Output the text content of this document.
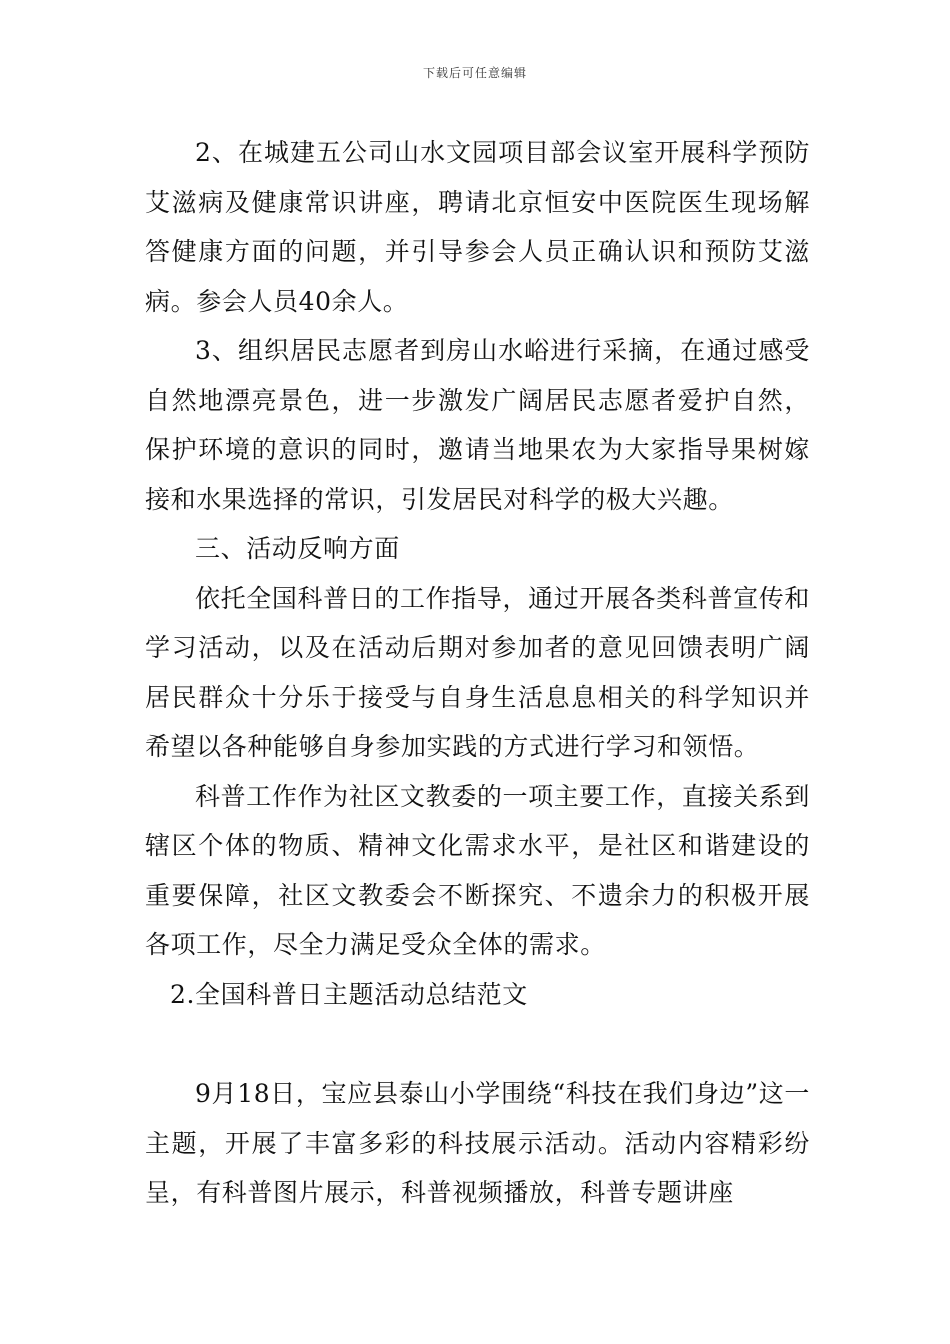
下载后可任意编辑

2、在城建五公司山水文园项目部会议室开展科学预防艾滋病及健康常识讲座，聘请北京恒安中医院医生现场解答健康方面的问题，并引导参会人员正确认识和预防艾滋病。参会人员40余人。

3、组织居民志愿者到房山水峪进行采摘，在通过感受自然地漂亮景色，进一步激发广阔居民志愿者爱护自然，保护环境的意识的同时，邀请当地果农为大家指导果树嫁接和水果选择的常识，引发居民对科学的极大兴趣。

三、活动反响方面

依托全国科普日的工作指导，通过开展各类科普宣传和学习活动，以及在活动后期对参加者的意见回馈表明广阔居民群众十分乐于接受与自身生活息息相关的科学知识并希望以各种能够自身参加实践的方式进行学习和领悟。

科普工作作为社区文教委的一项主要工作，直接关系到辖区个体的物质、精神文化需求水平，是社区和谐建设的重要保障，社区文教委会不断探究、不遗余力的积极开展各项工作，尽全力满足受众全体的需求。

2.全国科普日主题活动总结范文

9月18日，宝应县泰山小学围绕“科技在我们身边”这一主题，开展了丰富多彩的科技展示活动。活动内容精彩纷呈，有科普图片展示，科普视频播放，科普专题讲座
